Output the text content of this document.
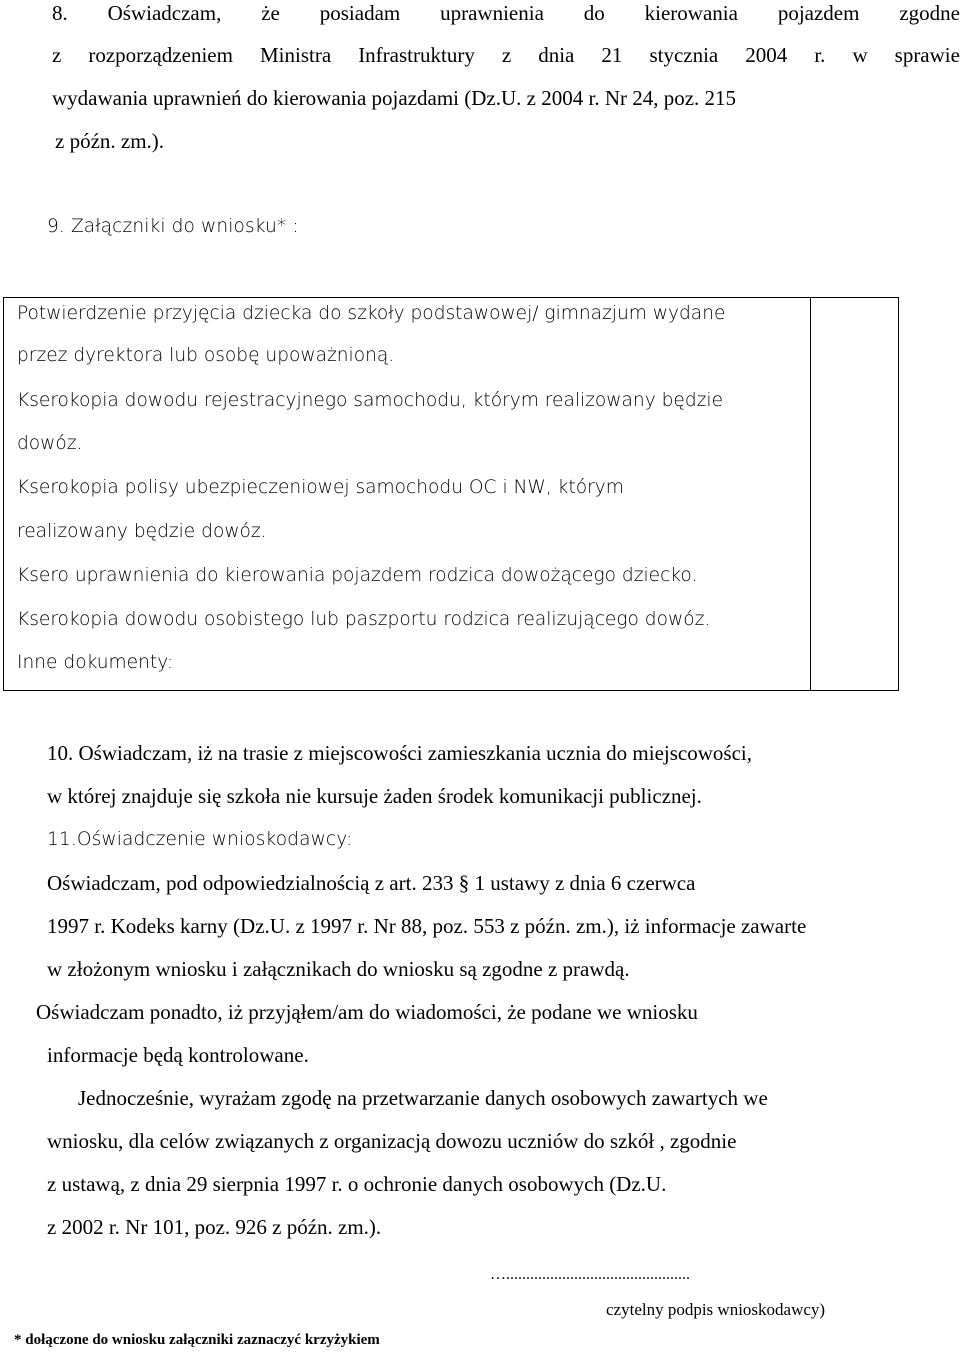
8. Oświadczam, że posiadam uprawnienia do kierowania pojazdem zgodne
z rozporządzeniem Ministra Infrastruktury z dnia 21 stycznia 2004 r. w sprawie
wydawania uprawnień do kierowania pojazdami (Dz.U. z 2004 r. Nr 24, poz. 215
z późn. zm.).
9. Załączniki do wniosku* :
Potwierdzenie przyjęcia dziecka do szkoły podstawowej/ gimnazjum wydane
przez dyrektora lub osobę upoważnioną.
Kserokopia dowodu rejestracyjnego samochodu, którym realizowany będzie
dowóz.
Kserokopia polisy ubezpieczeniowej samochodu OC i NW, którym
realizowany będzie dowóz.
Ksero uprawnienia do kierowania pojazdem rodzica dowożącego dziecko.
Kserokopia dowodu osobistego lub paszportu rodzica realizującego dowóz.
Inne dokumenty:

10. Oświadczam, iż na trasie z miejscowości zamieszkania ucznia do miejscowości,
w której znajduje się szkoła nie kursuje żaden środek komunikacji publicznej.
11.Oświadczenie wnioskodawcy:
Oświadczam, pod odpowiedzialnością z art. 233 § 1 ustawy z dnia 6 czerwca
1997 r. Kodeks karny (Dz.U. z 1997 r. Nr 88, poz. 553 z późn. zm.), iż informacje zawarte
w złożonym wniosku i załącznikach do wniosku są zgodne z prawdą.
Oświadczam ponadto, iż przyjąłem/am do wiadomości, że podane we wniosku
informacje będą kontrolowane.
Jednocześnie, wyrażam zgodę na przetwarzanie danych osobowych zawartych we
wniosku, dla celów związanych z organizacją dowozu uczniów do szkół , zgodnie
z ustawą, z dnia 29 sierpnia 1997 r. o ochronie danych osobowych (Dz.U.
z 2002 r. Nr 101, poz. 926 z późn. zm.).
…..............................................
czytelny podpis wnioskodawcy)
* dołączone do wniosku załączniki zaznaczyć krzyżykiem
